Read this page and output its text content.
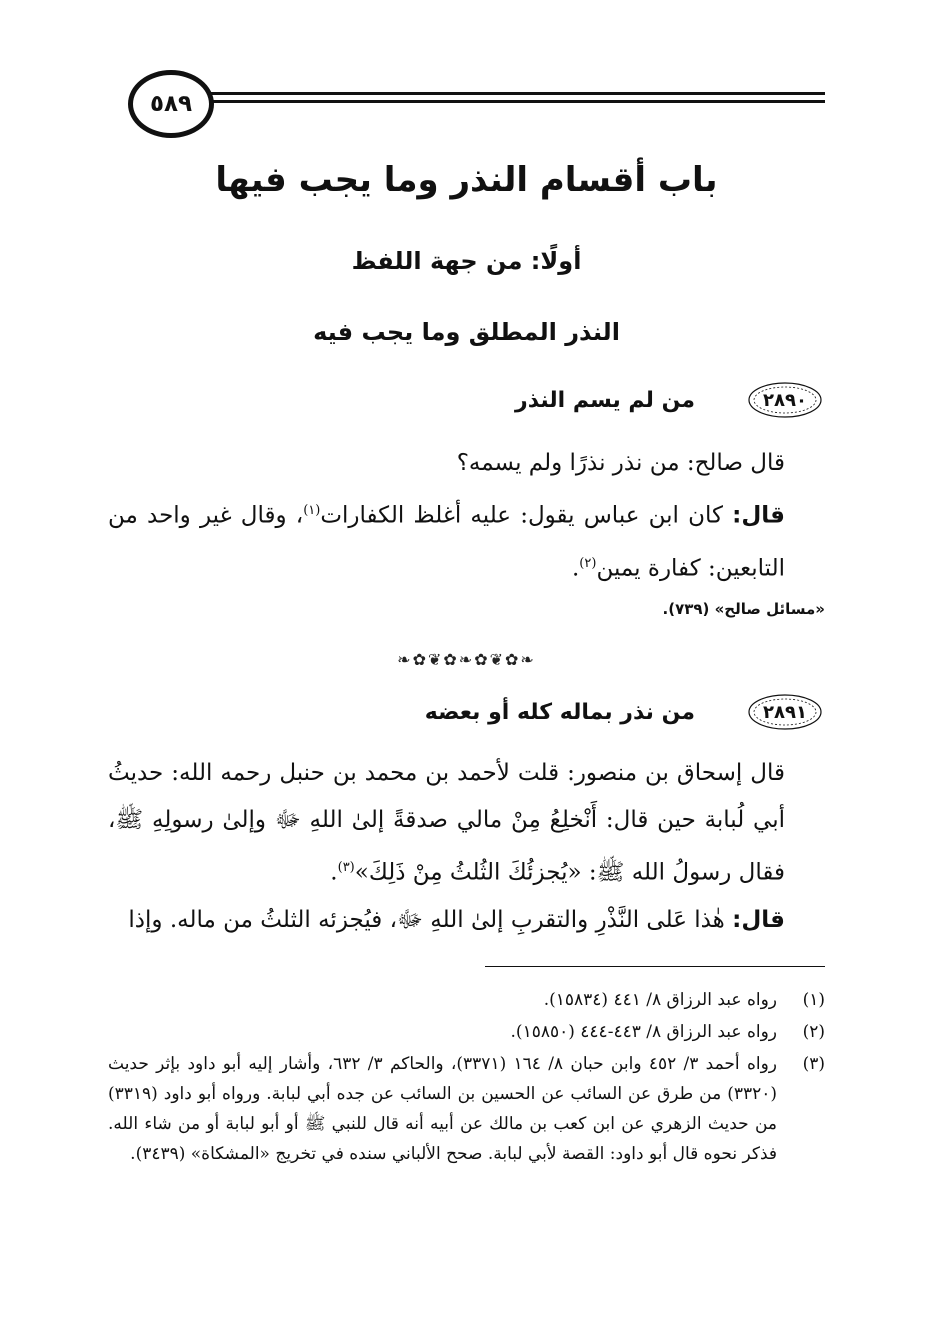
٥٨٩
باب أقسام النذر وما يجب فيها
أولًا: من جهة اللفظ
النذر المطلق وما يجب فيه
٢٨٩٠
من لم يسم النذر

قال صالح: من نذر نذرًا ولم يسمه؟

قال: كان ابن عباس يقول: عليه أغلظ الكفارات$^{(١)}$، وقال غير واحد من التابعين: كفارة يمين$^{(٢)}$.

«مسائل صالح» (٧٣٩).
❧✿❦✿❧✿❦✿❧
٢٨٩١
من نذر بماله كله أو بعضه

قال إسحاق بن منصور: قلت لأحمد بن محمد بن حنبل رحمه الله: حديثُ أبي لُبابة حين قال: أَنْخلِعُ مِنْ مالي صدقةً إلىٰ اللهِ ﷻ وإلىٰ رسولِهِ ﷺ، فقال رسولُ الله ﷺ: «يُجزئُكَ الثُلثُ مِنْ ذَلِكَ»$^{(٣)}$.

قال: هٰذا عَلى النَّذْرِ والتقربِ إلىٰ اللهِ ﷻ، فيُجزئه الثلثُ من ماله. وإذا

(١)
رواه عبد الرزاق ٨/ ٤٤١ (١٥٨٣٤).
(٢)
رواه عبد الرزاق ٨/ ٤٤٣-٤٤٤ (١٥٨٥٠).
(٣)
رواه أحمد ٣/ ٤٥٢ وابن حبان ٨/ ١٦٤ (٣٣٧١)، والحاكم ٣/ ٦٣٢، وأشار إليه أبو داود بإثر حديث (٣٣٢٠) من طرق عن السائب عن الحسين بن السائب عن جده أبي لبابة. ورواه أبو داود (٣٣١٩) من حديث الزهري عن ابن كعب بن مالك عن أبيه أنه قال للنبي ﷺ أو أبو لبابة أو من شاء الله. فذكر نحوه قال أبو داود: القصة لأبي لبابة. صحح الألباني سنده في تخريج «المشكاة» (٣٤٣٩).
